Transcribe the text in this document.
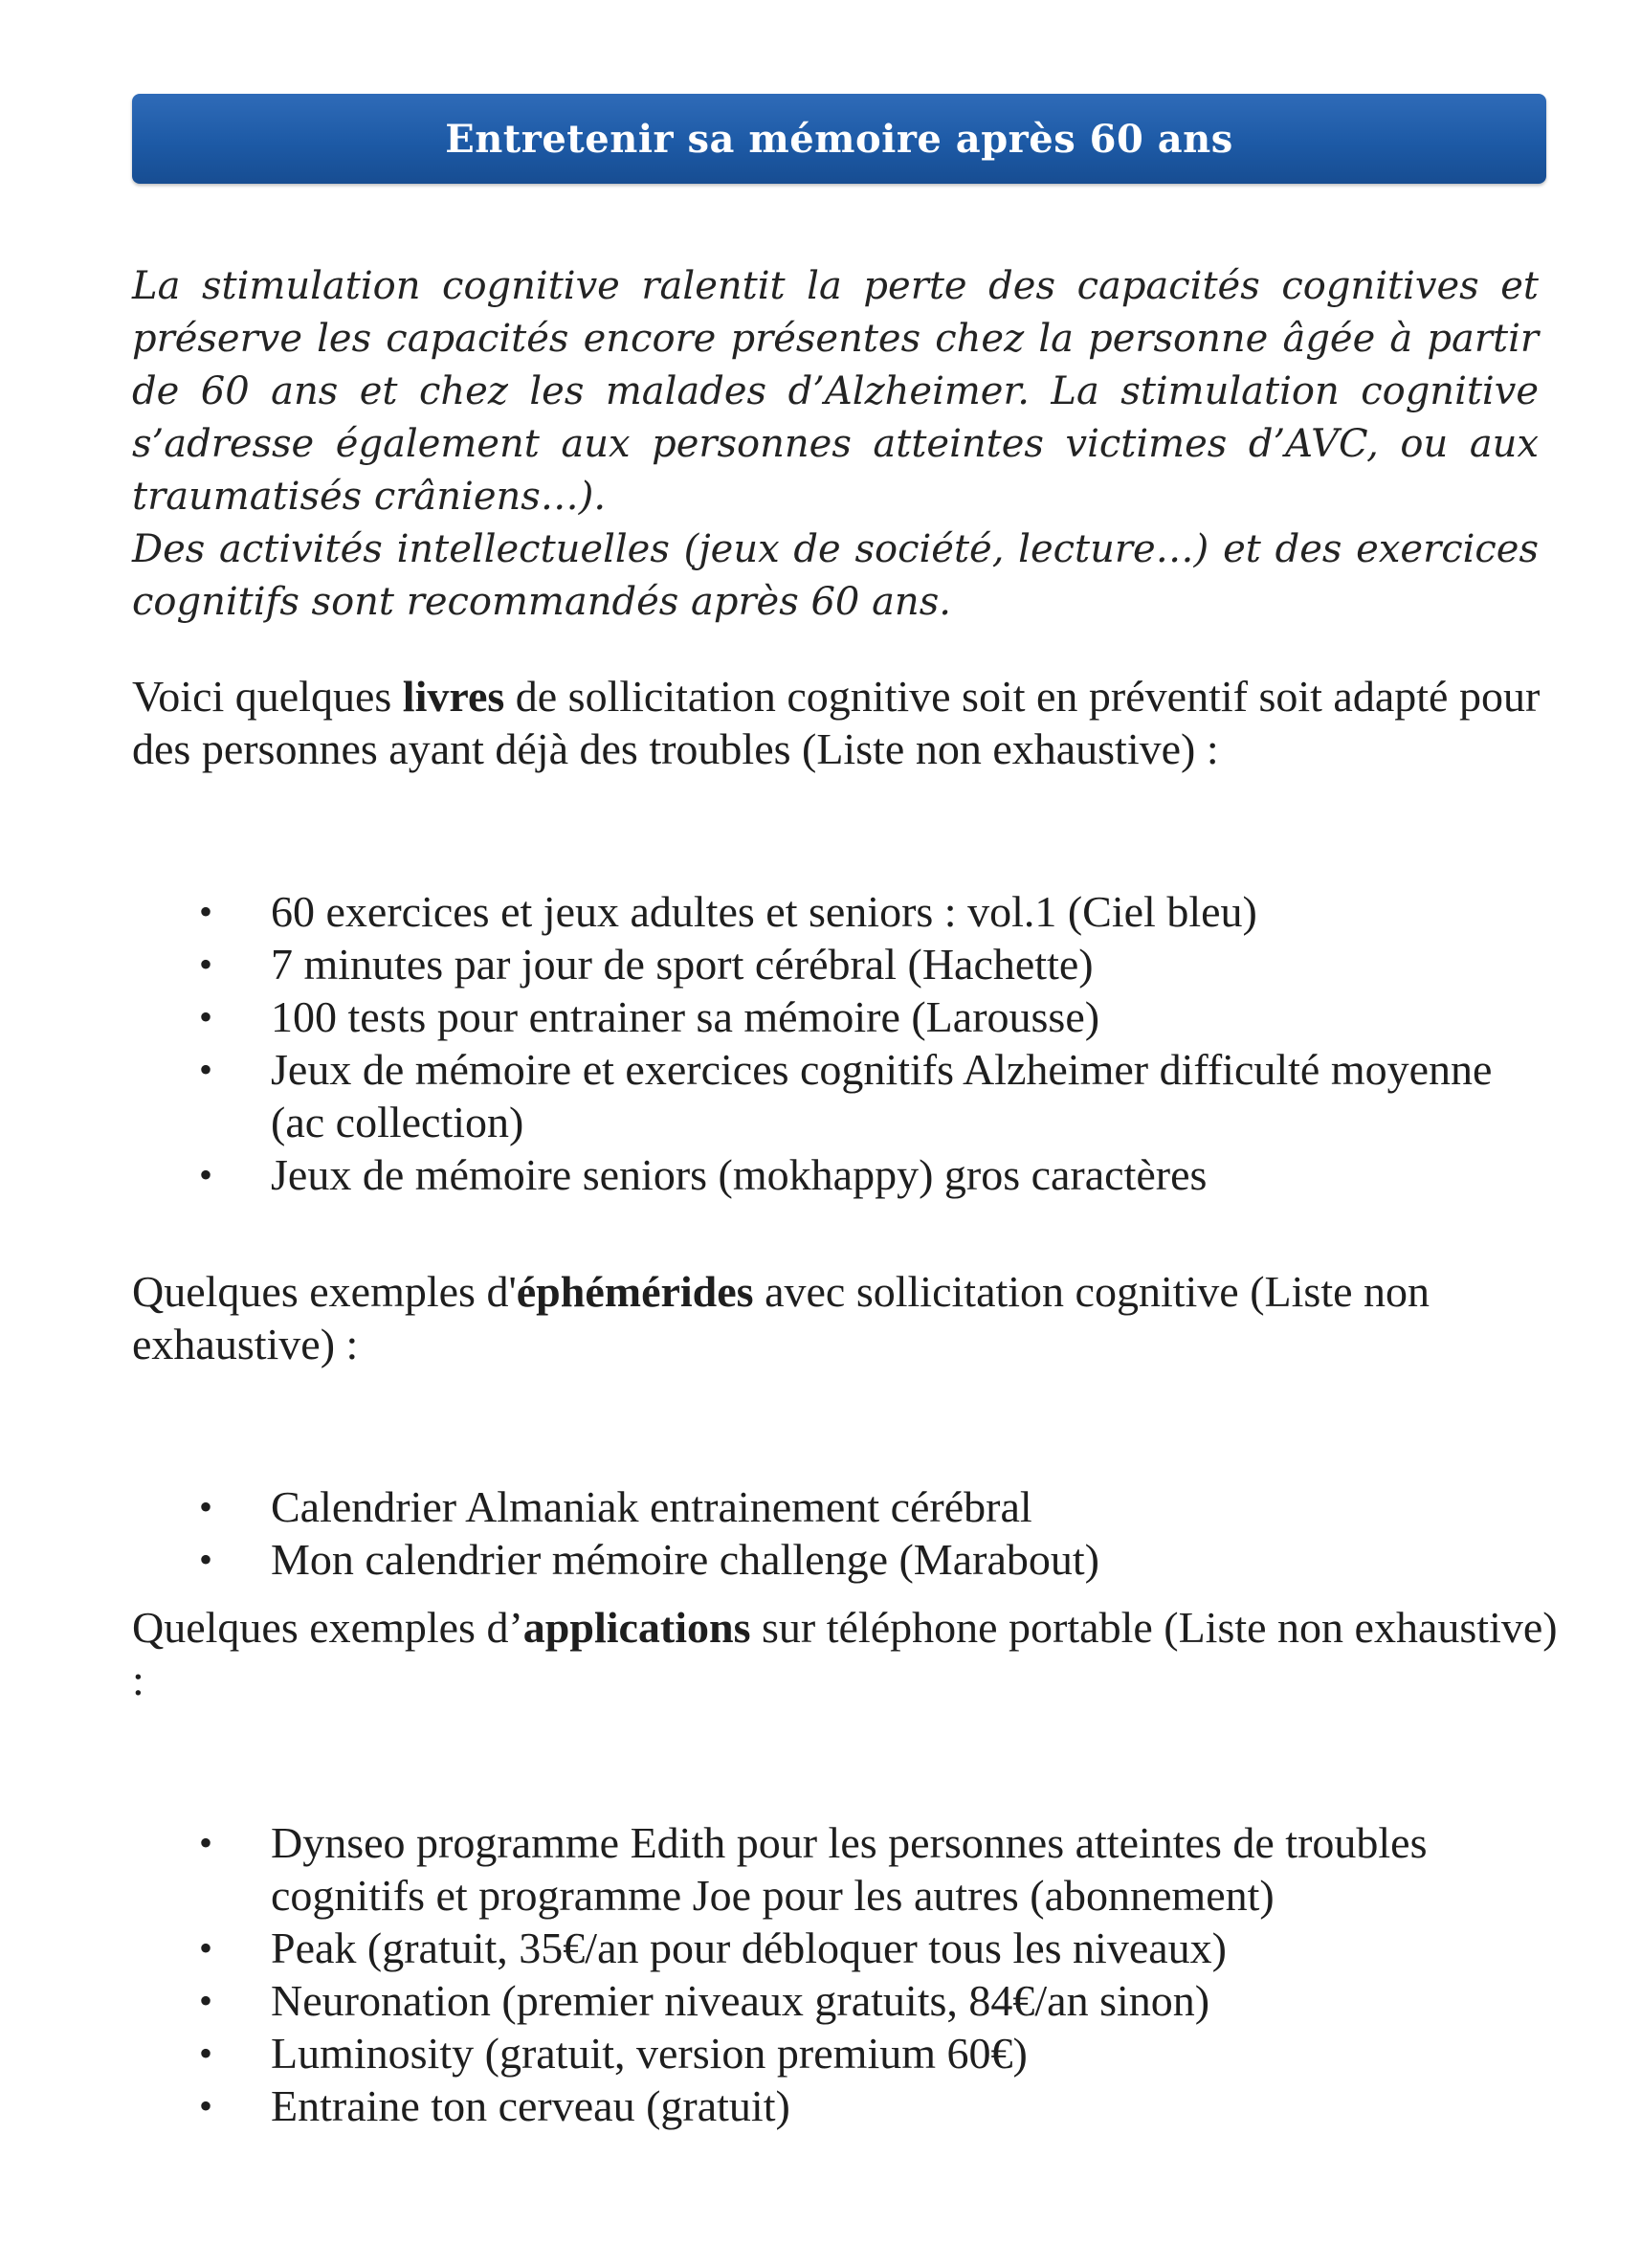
Entretenir sa mémoire après 60 ans

La stimulation cognitive ralentit la perte des capacités cognitives et préserve les capacités encore présentes chez la personne âgée à partir de 60 ans et chez les malades d’Alzheimer. La stimulation cognitive s’adresse également aux personnes atteintes victimes d’AVC, ou aux traumatisés crâniens…).

Des activités intellectuelles (jeux de société, lecture…) et des exercices cognitifs sont recommandés après 60 ans.

Voici quelques livres de sollicitation cognitive soit en préventif soit adapté pour des personnes ayant déjà des troubles (Liste non exhaustive) :

• 60 exercices et jeux adultes et seniors : vol.1 (Ciel bleu)
• 7 minutes par jour de sport cérébral (Hachette)
• 100 tests pour entrainer sa mémoire (Larousse)
• Jeux de mémoire et exercices cognitifs Alzheimer difficulté moyenne (ac collection)
• Jeux de mémoire seniors (mokhappy) gros caractères

Quelques exemples d'éphémérides avec sollicitation cognitive (Liste non exhaustive) :

• Calendrier Almaniak entrainement cérébral
• Mon calendrier mémoire challenge (Marabout)

Quelques exemples d’applications sur téléphone portable (Liste non exhaustive) :

• Dynseo programme Edith pour les personnes atteintes de troubles cognitifs et programme Joe pour les autres (abonnement)
• Peak (gratuit, 35€/an pour débloquer tous les niveaux)
• Neuronation (premier niveaux gratuits, 84€/an sinon)
• Luminosity (gratuit, version premium 60€)
• Entraine ton cerveau (gratuit)
